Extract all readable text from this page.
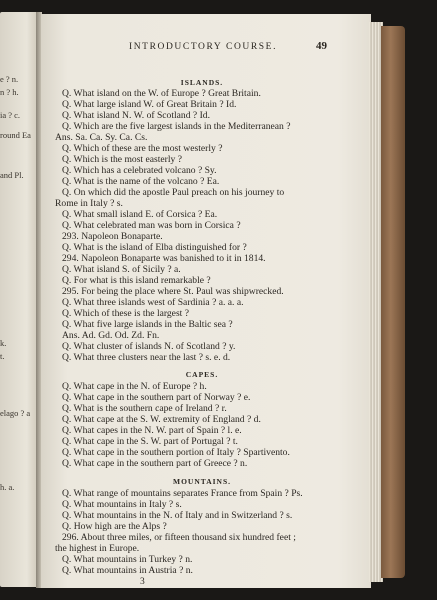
e ? n.
n ? h.
ia ? c.
round Ea
and Pl.
k.
t.
elago ? a
h. a.
INTRODUCTORY COURSE.	49
ISLANDS.
Q. What island on the W. of Europe ? Great Britain.
Q. What large island W. of Great Britain ? Id.
Q. What island N. W. of Scotland ? Id.
Q. Which are the five largest islands in the Mediterranean ?
Ans. Sa. Ca. Sy. Ca. Cs.
Q. Which of these are the most westerly ?
Q. Which is the most easterly ?
Q. Which has a celebrated volcano ? Sy.
Q. What is the name of the volcano ? Ea.
Q. On which did the apostle Paul preach on his journey to
Rome in Italy ? s.
Q. What small island E. of Corsica ? Ea.
Q. What celebrated man was born in Corsica ?
293. Napoleon Bonaparte.
Q. What is the island of Elba distinguished for ?
294. Napoleon Bonaparte was banished to it in 1814.
Q. What island S. of Sicily ? a.
Q. For what is this island remarkable ?
295. For being the place where St. Paul was shipwrecked.
Q. What three islands west of Sardinia ? a. a. a.
Q. Which of these is the largest ?
Q. What five large islands in the Baltic sea ?
Ans. Ad. Gd. Od. Zd. Fn.
Q. What cluster of islands N. of Scotland ? y.
Q. What three clusters near the last ? s. e. d.
CAPES.
Q. What cape in the N. of Europe ? h.
Q. What cape in the southern part of Norway ? e.
Q. What is the southern cape of Ireland ? r.
Q. What cape at the S. W. extremity of England ? d.
Q. What capes in the N. W. part of Spain ? l. e.
Q. What cape in the S. W. part of Portugal ? t.
Q. What cape in the southern portion of Italy ? Spartivento.
Q. What cape in the southern part of Greece ? n.
MOUNTAINS.
Q. What range of mountains separates France from Spain ? Ps.
Q. What mountains in Italy ? s.
Q. What mountains in the N. of Italy and in Switzerland ? s.
Q. How high are the Alps ?
296. About three miles, or fifteen thousand six hundred feet ;
the highest in Europe.
Q. What mountains in Turkey ? n.
Q. What mountains in Austria ? n.
3
